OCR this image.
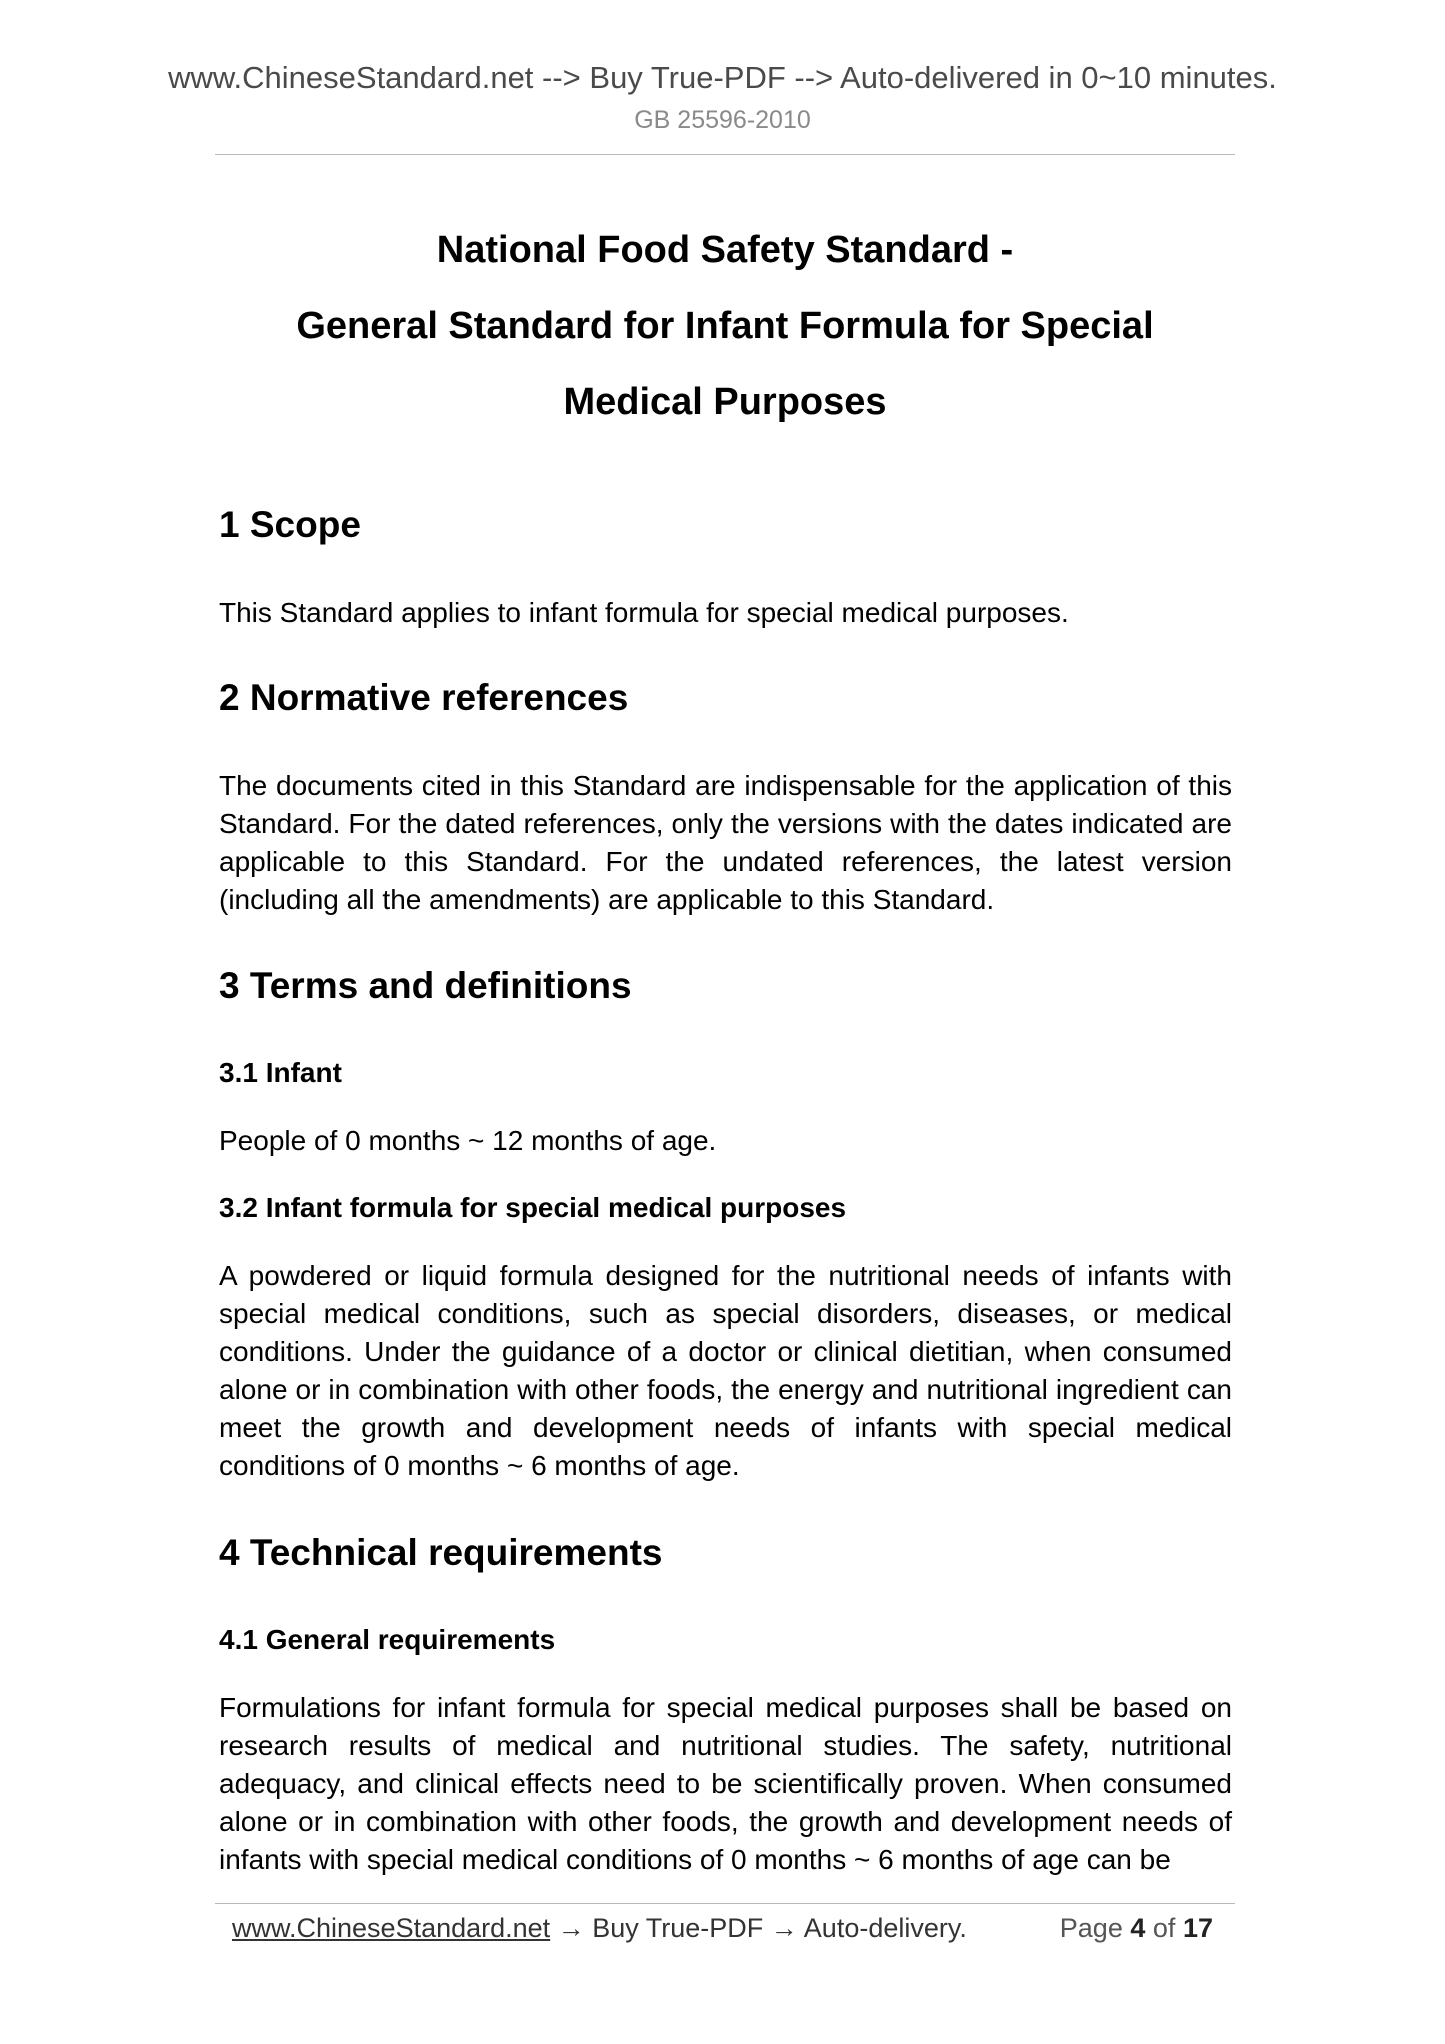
www.ChineseStandard.net --> Buy True-PDF --> Auto-delivered in 0~10 minutes.
GB 25596-2010
National Food Safety Standard -
General Standard for Infant Formula for Special
Medical Purposes
1 Scope
This Standard applies to infant formula for special medical purposes.
2 Normative references
The documents cited in this Standard are indispensable for the application of this Standard. For the dated references, only the versions with the dates indicated are applicable to this Standard. For the undated references, the latest version (including all the amendments) are applicable to this Standard.
3 Terms and definitions
3.1 Infant
People of 0 months ~ 12 months of age.
3.2 Infant formula for special medical purposes
A powdered or liquid formula designed for the nutritional needs of infants with special medical conditions, such as special disorders, diseases, or medical conditions. Under the guidance of a doctor or clinical dietitian, when consumed alone or in combination with other foods, the energy and nutritional ingredient can meet the growth and development needs of infants with special medical conditions of 0 months ~ 6 months of age.
4 Technical requirements
4.1 General requirements
Formulations for infant formula for special medical purposes shall be based on research results of medical and nutritional studies. The safety, nutritional adequacy, and clinical effects need to be scientifically proven. When consumed alone or in combination with other foods, the growth and development needs of infants with special medical conditions of 0 months ~ 6 months of age can be
www.ChineseStandard.net → Buy True-PDF → Auto-delivery.	Page 4 of 17
